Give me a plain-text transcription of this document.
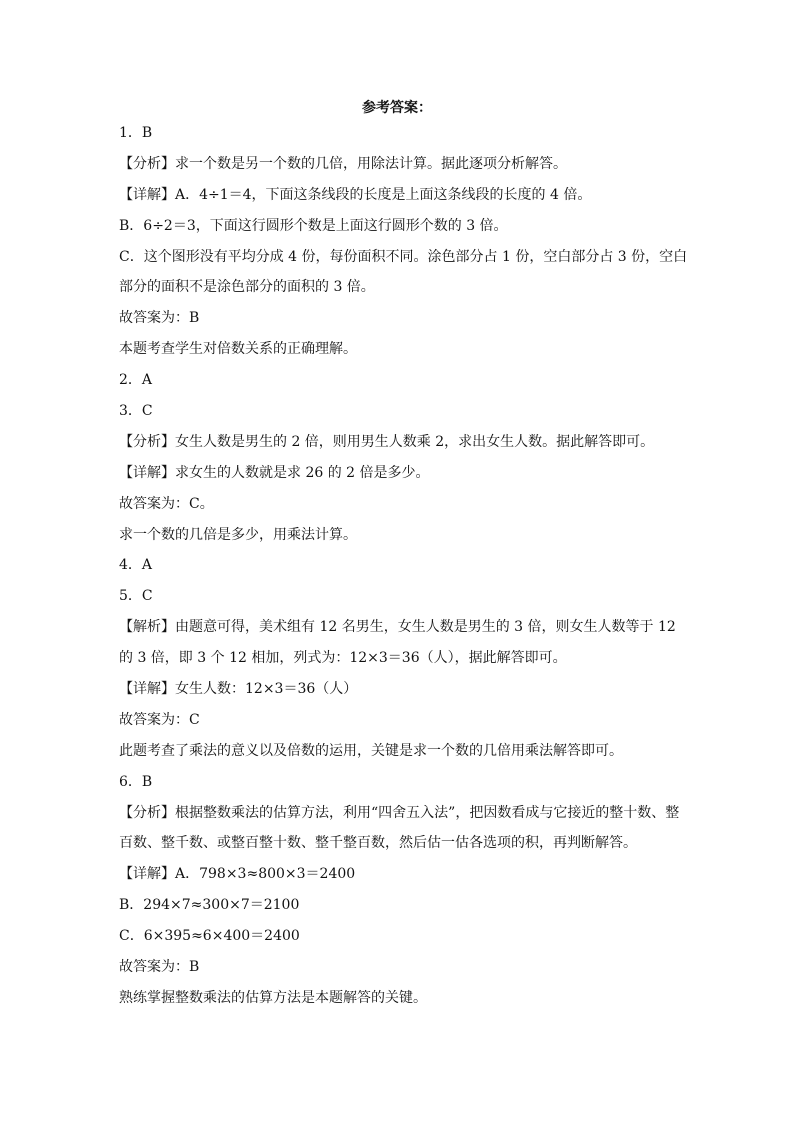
参考答案：
1．B
【分析】求一个数是另一个数的几倍，用除法计算。据此逐项分析解答。
【详解】A．4÷1＝4，下面这条线段的长度是上面这条线段的长度的 4 倍。
B．6÷2＝3，下面这行圆形个数是上面这行圆形个数的 3 倍。
C．这个图形没有平均分成 4 份，每份面积不同。涂色部分占 1 份，空白部分占 3 份，空白
部分的面积不是涂色部分的面积的 3 倍。
故答案为：B
本题考查学生对倍数关系的正确理解。
2．A
3．C
【分析】女生人数是男生的 2 倍，则用男生人数乘 2，求出女生人数。据此解答即可。
【详解】求女生的人数就是求 26 的 2 倍是多少。
故答案为：C。
求一个数的几倍是多少，用乘法计算。
4．A
5．C
【解析】由题意可得，美术组有 12 名男生，女生人数是男生的 3 倍，则女生人数等于 12
的 3 倍，即 3 个 12 相加，列式为：12×3＝36（人），据此解答即可。
【详解】女生人数：12×3＝36（人）
故答案为：C
此题考查了乘法的意义以及倍数的运用，关键是求一个数的几倍用乘法解答即可。
6．B
【分析】根据整数乘法的估算方法，利用“四舍五入法”，把因数看成与它接近的整十数、整
百数、整千数、或整百整十数、整千整百数，然后估一估各选项的积，再判断解答。
【详解】A．798×3≈800×3＝2400
B．294×7≈300×7＝2100
C．6×395≈6×400＝2400
故答案为：B
熟练掌握整数乘法的估算方法是本题解答的关键。
